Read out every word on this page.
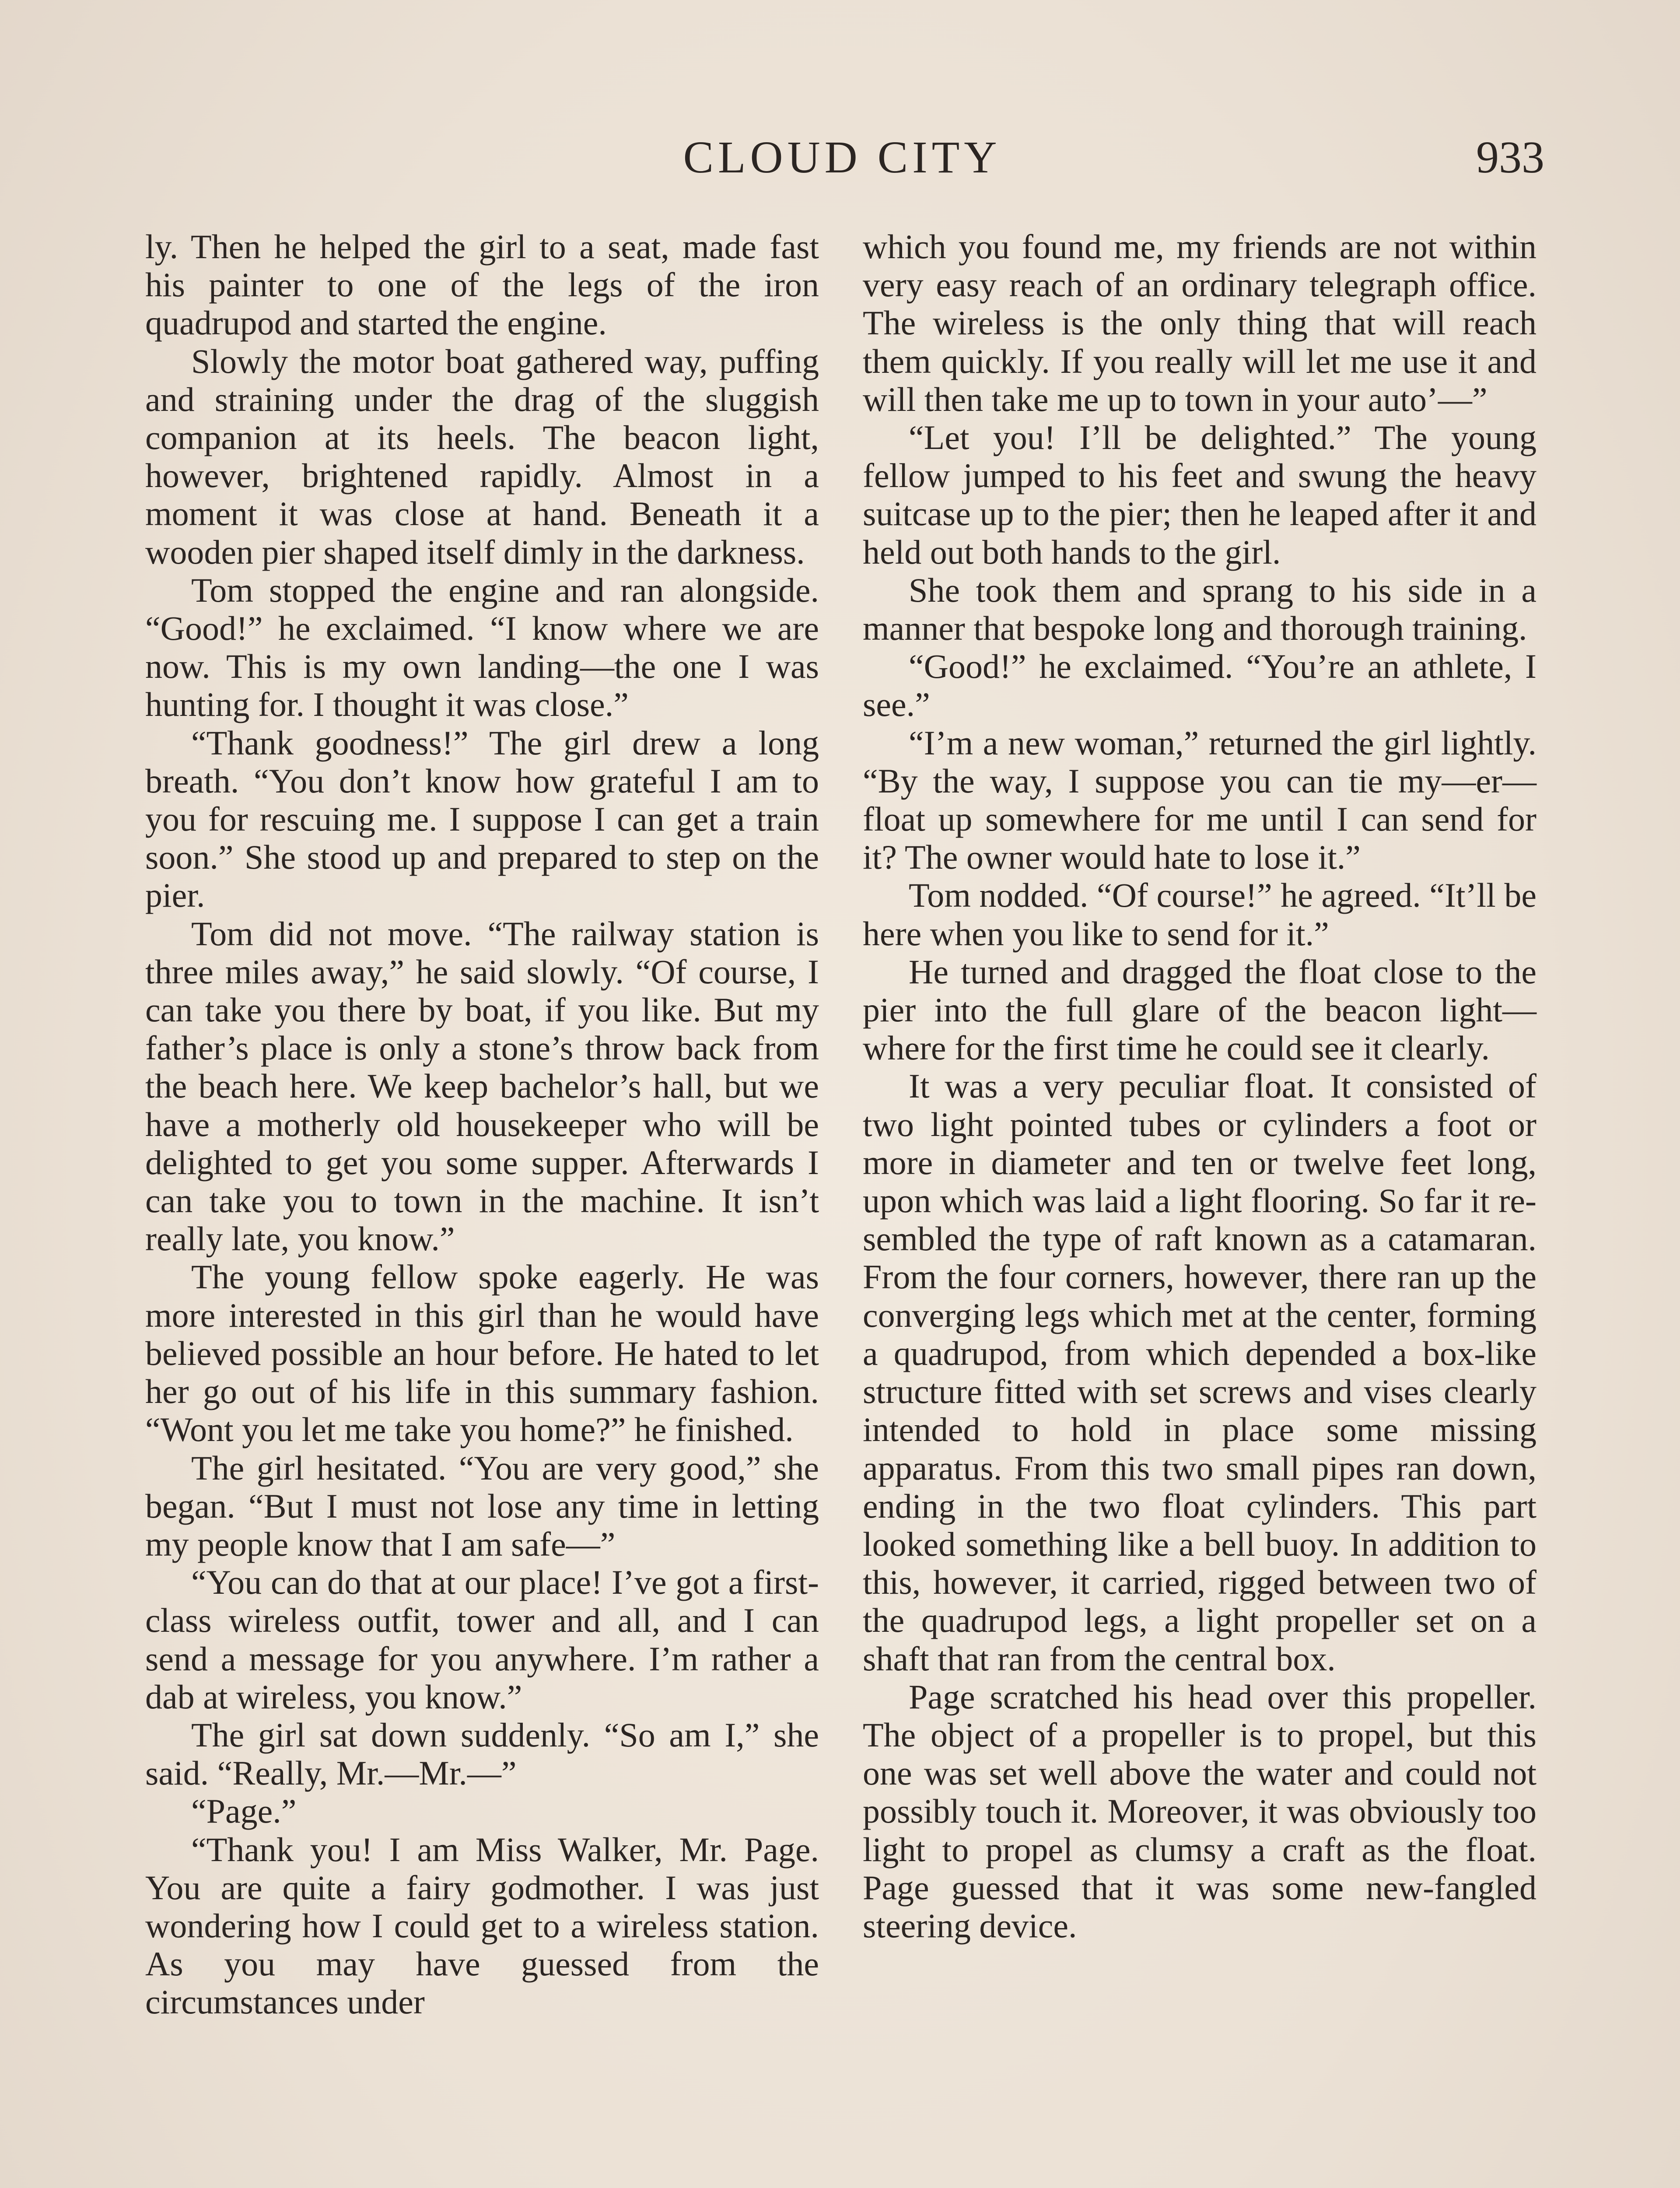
CLOUD CITY	933

ly. Then he helped the girl to a seat, made fast his painter to one of the legs of the iron quadrupod and started the engine.

Slowly the motor boat gathered way, puffing and straining under the drag of the sluggish companion at its heels. The beacon light, however, brightened rapidly. Almost in a moment it was close at hand. Beneath it a wooden pier shaped itself dimly in the darkness.

Tom stopped the engine and ran alongside. “Good!” he exclaimed. “I know where we are now. This is my own landing—the one I was hunting for. I thought it was close.”

“Thank goodness!” The girl drew a long breath. “You don’t know how grateful I am to you for rescuing me. I suppose I can get a train soon.” She stood up and prepared to step on the pier.

Tom did not move. “The railway station is three miles away,” he said slowly. “Of course, I can take you there by boat, if you like. But my father’s place is only a stone’s throw back from the beach here. We keep bachelor’s hall, but we have a motherly old housekeeper who will be delighted to get you some supper. Afterwards I can take you to town in the machine. It isn’t really late, you know.”

The young fellow spoke eagerly. He was more interested in this girl than he would have believed possible an hour before. He hated to let her go out of his life in this summary fashion. “Wont you let me take you home?” he finished.

The girl hesitated. “You are very good,” she began. “But I must not lose any time in letting my people know that I am safe—”

“You can do that at our place! I’ve got a first-class wireless outfit, tower and all, and I can send a message for you anywhere. I’m rather a dab at wireless, you know.”

The girl sat down suddenly. “So am I,” she said. “Really, Mr.—Mr.—”

“Page.”

“Thank you! I am Miss Walker, Mr. Page. You are quite a fairy godmother. I was just wondering how I could get to a wireless station. As you may have guessed from the circumstances under

which you found me, my friends are not within very easy reach of an ordinary telegraph office. The wireless is the only thing that will reach them quickly. If you really will let me use it and will then take me up to town in your auto’—”

“Let you! I’ll be delighted.” The young fellow jumped to his feet and swung the heavy suitcase up to the pier; then he leaped after it and held out both hands to the girl.

She took them and sprang to his side in a manner that bespoke long and thorough training.

“Good!” he exclaimed. “You’re an athlete, I see.”

“I’m a new woman,” returned the girl lightly. “By the way, I suppose you can tie my—er—float up somewhere for me until I can send for it? The owner would hate to lose it.”

Tom nodded. “Of course!” he agreed. “It’ll be here when you like to send for it.”

He turned and dragged the float close to the pier into the full glare of the beacon light—where for the first time he could see it clearly.

It was a very peculiar float. It consisted of two light pointed tubes or cylinders a foot or more in diameter and ten or twelve feet long, upon which was laid a light flooring. So far it resembled the type of raft known as a catamaran. From the four corners, however, there ran up the converging legs which met at the center, forming a quadrupod, from which depended a box-like structure fitted with set screws and vises clearly intended to hold in place some missing apparatus. From this two small pipes ran down, ending in the two float cylinders. This part looked something like a bell buoy. In addition to this, however, it carried, rigged between two of the quadrupod legs, a light propeller set on a shaft that ran from the central box.

Page scratched his head over this propeller. The object of a propeller is to propel, but this one was set well above the water and could not possibly touch it. Moreover, it was obviously too light to propel as clumsy a craft as the float. Page guessed that it was some new-fangled steering device.
